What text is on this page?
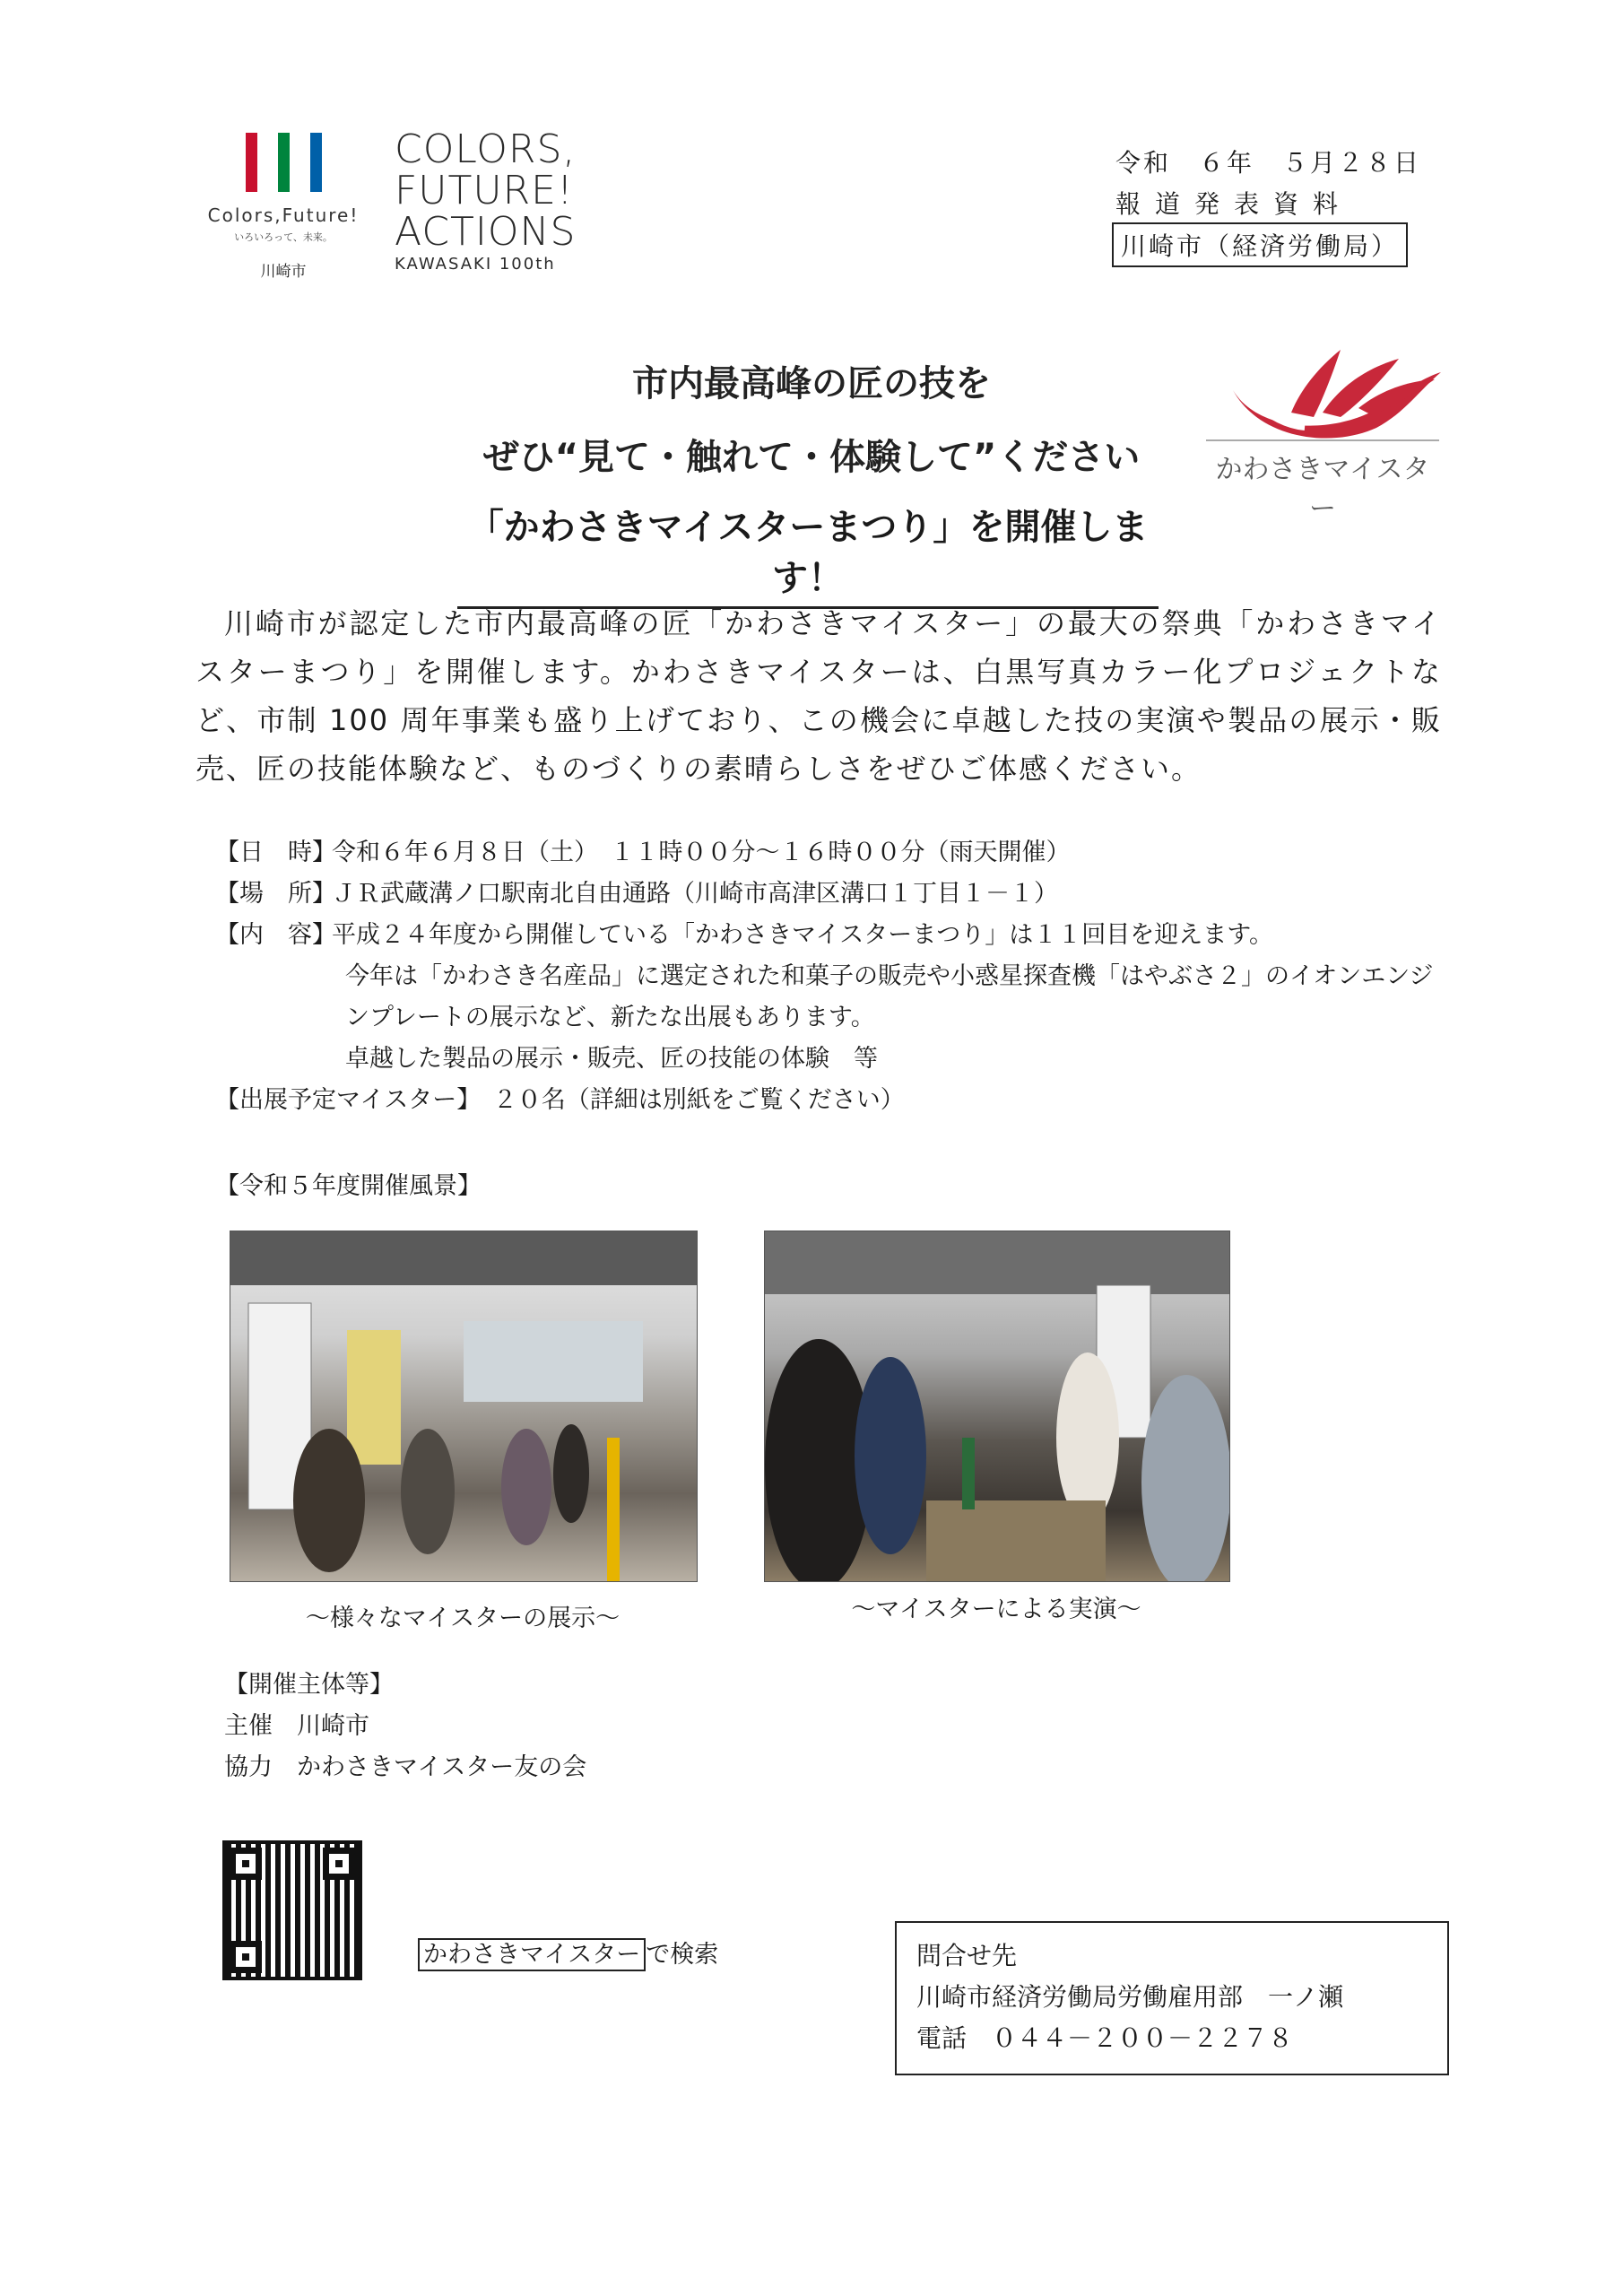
Colors,Future!
いろいろって、未来。
川崎市
COLORS,
FUTURE!
ACTIONS
KAWASAKI 100th
令和　６年　５月２８日
報道発表資料
川崎市（経済労働局）
市内最高峰の匠の技を
ぜひ“見て・触れて・体験して”ください
「かわさきマイスターまつり」を開催します！
かわさきマイスター
川崎市が認定した市内最高峰の匠「かわさきマイスター」の最大の祭典「かわさきマイスターまつり」を開催します。かわさきマイスターは、白黒写真カラー化プロジェクトなど、市制 100 周年事業も盛り上げており、この機会に卓越した技の実演や製品の展示・販売、匠の技能体験など、ものづくりの素晴らしさをぜひご体感ください。
【日　時】令和６年６月８日（土）　１１時００分～１６時００分（雨天開催）
【場　所】ＪＲ武蔵溝ノ口駅南北自由通路（川崎市高津区溝口１丁目１－１）
【内　容】平成２４年度から開催している「かわさきマイスターまつり」は１１回目を迎えます。
今年は「かわさき名産品」に選定された和菓子の販売や小惑星探査機「はやぶさ２」のイオンエンジンプレートの展示など、新たな出展もあります。
卓越した製品の展示・販売、匠の技能の体験　等
【出展予定マイスター】　 ２０名（詳細は別紙をご覧ください）
【令和５年度開催風景】
～様々なマイスターの展示～	～マイスターによる実演～
【開催主体等】
主催　川崎市
協力　かわさきマイスター友の会
かわさきマイスター で検索	問合せ先
川崎市経済労働局労働雇用部　一ノ瀬
電話　０４４－２００－２２７８
